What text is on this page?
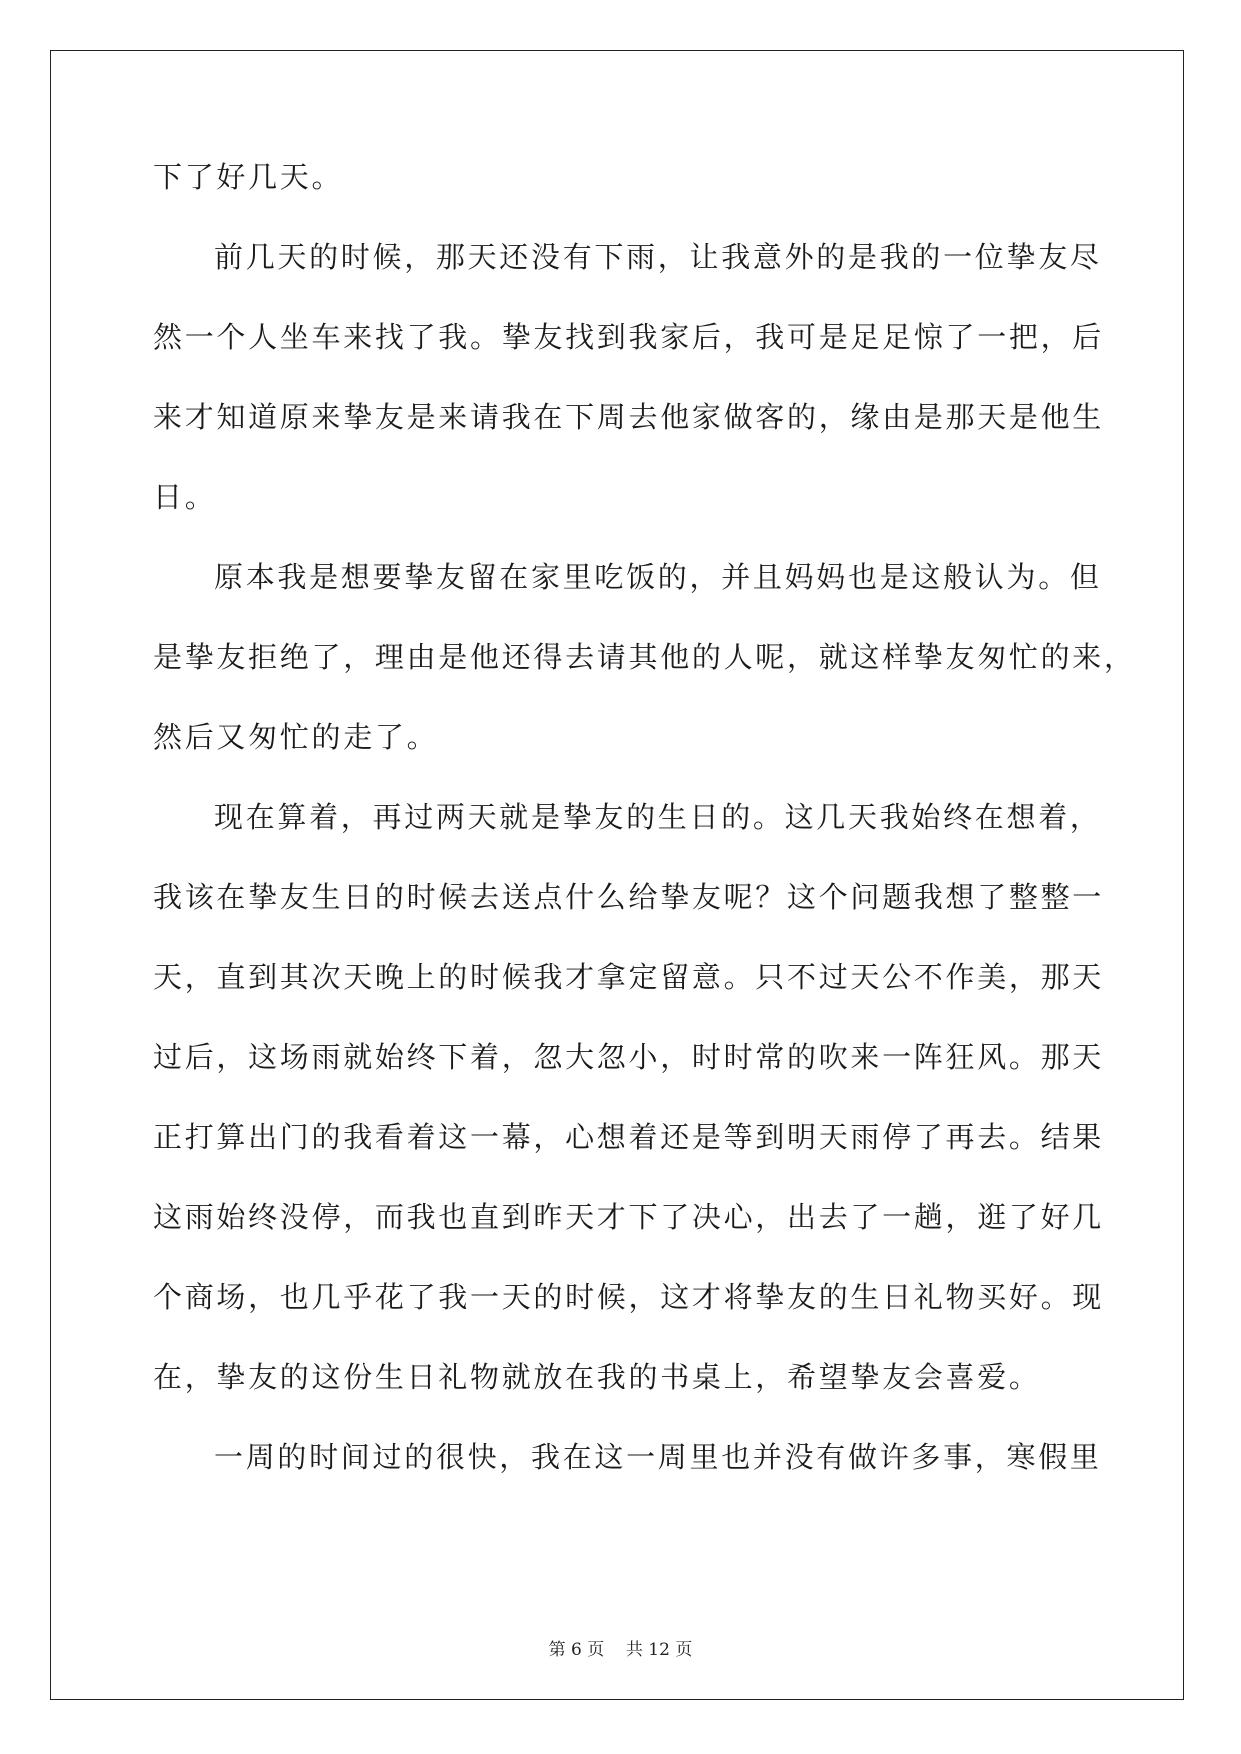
下了好几天。
前几天的时候，那天还没有下雨，让我意外的是我的一位挚友尽
然一个人坐车来找了我。挚友找到我家后，我可是足足惊了一把，后
来才知道原来挚友是来请我在下周去他家做客的，缘由是那天是他生
日。
原本我是想要挚友留在家里吃饭的，并且妈妈也是这般认为。但
是挚友拒绝了，理由是他还得去请其他的人呢，就这样挚友匆忙的来，
然后又匆忙的走了。
现在算着，再过两天就是挚友的生日的。这几天我始终在想着，
我该在挚友生日的时候去送点什么给挚友呢？这个问题我想了整整一
天，直到其次天晚上的时候我才拿定留意。只不过天公不作美，那天
过后，这场雨就始终下着，忽大忽小，时时常的吹来一阵狂风。那天
正打算出门的我看着这一幕，心想着还是等到明天雨停了再去。结果
这雨始终没停，而我也直到昨天才下了决心，出去了一趟，逛了好几
个商场，也几乎花了我一天的时候，这才将挚友的生日礼物买好。现
在，挚友的这份生日礼物就放在我的书桌上，希望挚友会喜爱。
一周的时间过的很快，我在这一周里也并没有做许多事，寒假里
第 6 页    共 12 页
